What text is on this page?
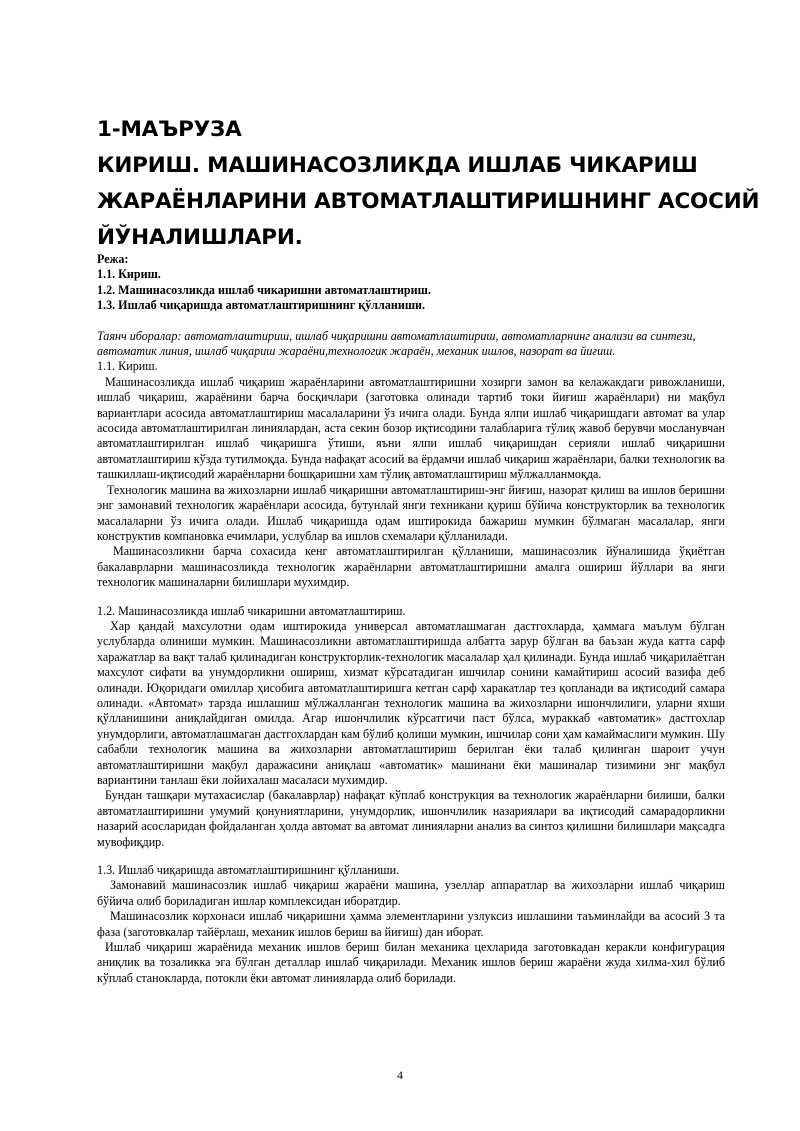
1-МАЪРУЗА
КИРИШ. МАШИНАСОЗЛИКДА ИШЛАБ ЧИКАРИШ
ЖАРАЁНЛАРИНИ АВТОМАТЛАШТИРИШНИНГ АСОСИЙ
ЙЎНАЛИШЛАРИ.
Режа:
1.1. Кириш.
1.2. Машинасозликда ишлаб чикаришни автоматлаштириш.
1.3. Ишлаб чиқаришда автоматлаштиришнинг қўлланиши.

Таянч иборалар: автоматлаштириш, ишлаб чиқаришни автоматлаштириш, автоматларнинг анализи ва синтези, автоматик линия, ишлаб чиқариш жараёни,технологик жараён, механик ишлов, назорат ва йиғиш.

1.1. Кириш.

Машинасозликда ишлаб чиқариш жараёнларини автоматлаштиришни хозирги замон ва келажакдаги ривожланиши, ишлаб чиқариш, жараёнини барча босқичлари (заготовка олинади тартиб токи йиғиш жараёнлари) ни мақбул вариантлари асосида автоматлаштириш масалаларини ўз ичига олади. Бунда ялпи ишлаб чиқаришдаги автомат ва улар асосида автоматлаштирилган линиялардан, аста секин бозор иқтисодини талабларига тўлиқ жавоб берувчи мосланувчан автоматлаштирилган ишлаб чиқаришга ўтиши, яъни ялпи ишлаб чиқаришдан серияли ишлаб чиқаришни автоматлаштириш кўзда тутилмоқда. Бунда нафақат асосий ва ёрдамчи ишлаб чиқариш жараёнлари, балки технологик ва ташкиллаш-иқтисодий жараёнларни бошқаришни хам тўлиқ автоматлаштириш мўлжалланмоқда.

Технологик машина ва жихозларни ишлаб чиқаришни автоматлаштириш-энг йиғиш, назорат қилиш ва ишлов беришни энг замонавий технологик жараёнлари асосида, бутунлай янги техникани қуриш бўйича конструкторлик ва технологик масалаларни ўз ичига олади. Ишлаб чиқаришда одам иштирокида бажариш мумкин бўлмаган масалалар, янги конструктив компановка ечимлари, услублар ва ишлов схемалари қўлланилади.

Машинасозликни барча сохасида кенг автоматлаштирилган қўлланиши, машинасозлик йўналишида ўқиётган бакалаврларни машинасозликда технологик жараёнларни автоматлаштиришни амалга ошириш йўллари ва янги технологик машиналарни билишлари мухимдир.

1.2. Машинасозликда ишлаб чикаришни автоматлаштириш.

Хар қандай махсулотни одам иштирокида универсал автоматлашмаган дастгохларда, ҳаммага маълум бўлган услубларда олиниши мумкин. Машинасозликни автоматлаштиришда албатта зарур бўлган ва баъзан жуда катта сарф харажатлар ва вақт талаб қилинадиган конструкторлик-технологик масалалар ҳал қилинади. Бунда ишлаб чиқарилаётган махсулот сифати ва унумдорликни ошириш, хизмат кўрсатадиган ишчилар сонини камайтириш асосий вазифа деб олинади. Юқоридаги омиллар ҳисобига автоматлаштиришга кетган сарф харакатлар тез қопланади ва иқтисодий самара олинади. «Автомат» тарзда ишлашиш мўлжалланган технологик машина ва жихозларни ишончлилиги, уларни яхши қўлланишини аниқлайдиган омилда. Агар ишончлилик кўрсатгичи паст бўлса, мураккаб «автоматик» дастгохлар унумдорлиги, автоматлашмаган дастгохлардан кам бўлиб қолиши мумкин, ишчилар сони ҳам камаймаслиги мумкин. Шу сабабли технологик машина ва жихозларни автоматлаштириш берилган ёки талаб қилинган шароит учун автоматлаштиришни мақбул даражасини аниқлаш «автоматик» машинани ёки машиналар тизимини энг мақбул вариантини танлаш ёки лойихалаш масаласи мухимдир.

Бундан ташқари мутахасислар (бакалаврлар) нафақат кўплаб конструкция ва технологик жараёнларни билиши, балки автоматлаштиришни умумий қонуниятларини, унумдорлик, ишончлилик назариялари ва иқтисодий самарадорликни назарий асосларидан фойдаланган ҳолда автомат ва автомат линияларни анализ ва синтоз қилишни билишлари мақсадга мувофиқдир.

1.3. Ишлаб чиқаришда автоматлаштиришнинг қўлланиши.

Замонавий машинасозлик ишлаб чиқариш жараёни машина, узеллар аппаратлар ва жихозларни ишлаб чиқариш бўйича олиб бориладиган ишлар комплексидан иборатдир.

Машинасозлик корхонаси ишлаб чиқаришни ҳамма элементларини узлуксиз ишлашини таъминлайди ва асосий 3 та фаза (заготовкалар тайёрлаш, механик ишлов бериш ва йиғиш) дан иборат.

Ишлаб чиқариш жараёнида механик ишлов бериш билан механика цехларида заготовкадан керакли конфигурация аниқлик ва тозаликка эга бўлган деталлар ишлаб чиқарилади. Механик ишлов бериш жараёни жуда хилма-хил бўлиб кўплаб станокларда, потокли ёки автомат линияларда олиб борилади.

4
